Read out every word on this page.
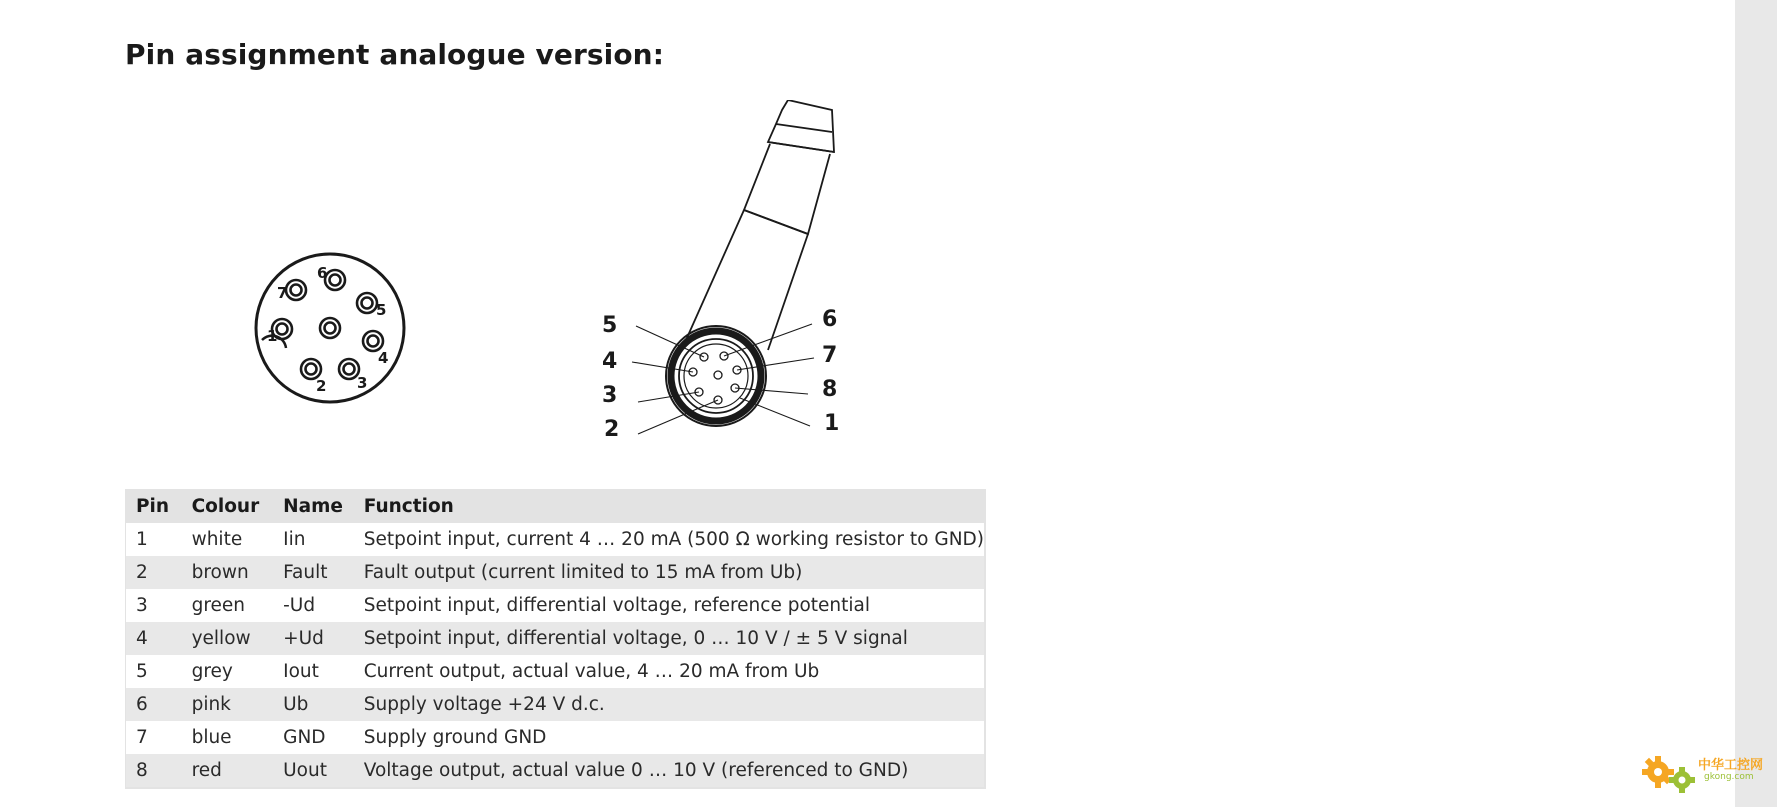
Pin assignment analogue version:
1
2 3
4
5
6
7
5
4
3
2
6
7
8
1
Pin	Colour	Name	Function
1	white	Iin	Setpoint input, current 4 … 20 mA (500 Ω working resistor to GND)
2	brown	Fault	Fault output (current limited to 15 mA from Ub)
3	green	-Ud	Setpoint input, differential voltage, reference potential
4	yellow	+Ud	Setpoint input, differential voltage, 0 … 10 V / ± 5 V signal
5	grey	Iout	Current output, actual value, 4 … 20 mA from Ub
6	pink	Ub	Supply voltage +24 V d.c.
7	blue	GND	Supply ground GND
8	red	Uout	Voltage output, actual value 0 … 10 V (referenced to GND)	中华工控网
gkong.com
